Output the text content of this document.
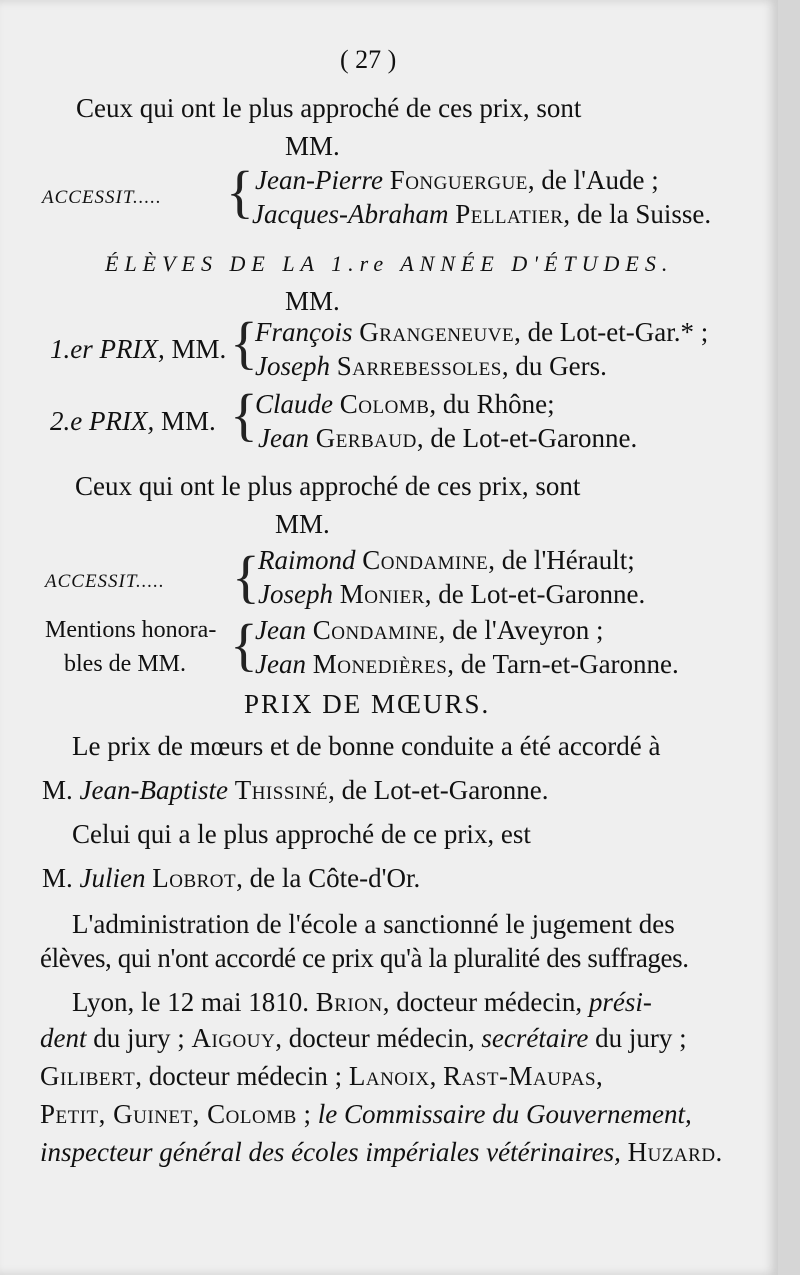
( 27 )
Ceux qui ont le plus approché de ces prix, sont
MM.
ACCESSIT..... { Jean-Pierre Fonguergue, de l'Aude ;
Jacques-Abraham Pellatier, de la Suisse.
ÉLÈVES DE LA 1.re ANNÉE D'ÉTUDES.
MM.
1.er PRIX, MM. {
François Grangeneuve, de Lot-et-Gar.* ;
Joseph Sarrebessoles, du Gers.
2.e PRIX, MM. {
Claude Colomb, du Rhône;
Jean Gerbaud, de Lot-et-Garonne.
Ceux qui ont le plus approché de ces prix, sont
MM.
ACCESSIT..... {
Raimond Condamine, de l'Hérault;
Joseph Monier, de Lot-et-Garonne.
Mentions honora-
bles de MM. {
Jean Condamine, de l'Aveyron ;
Jean Monedières, de Tarn-et-Garonne.
PRIX DE MŒURS.
Le prix de mœurs et de bonne conduite a été accordé à
M. Jean-Baptiste Thissiné, de Lot-et-Garonne.
Celui qui a le plus approché de ce prix, est
M. Julien Lobrot, de la Côte-d'Or.
L'administration de l'école a sanctionné le jugement des
élèves, qui n'ont accordé ce prix qu'à la pluralité des suffrages.
Lyon, le 12 mai 1810. Brion, docteur médecin, prési-
dent du jury ; Aigouy, docteur médecin, secrétaire du jury ;
Gilibert, docteur médecin ; Lanoix, Rast-Maupas,
Petit, Guinet, Colomb ; le Commissaire du Gouvernement,
inspecteur général des écoles impériales vétérinaires, Huzard.
